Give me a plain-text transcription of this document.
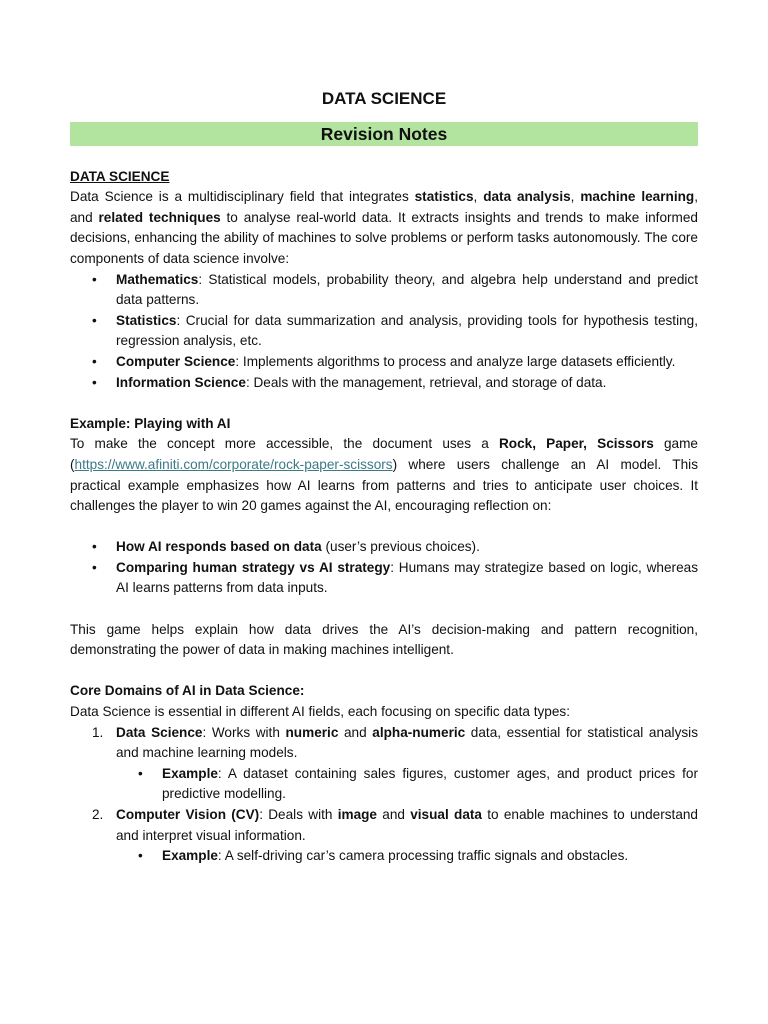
DATA SCIENCE
Revision Notes
DATA SCIENCE

Data Science is a multidisciplinary field that integrates statistics, data analysis, machine learning, and related techniques to analyse real-world data. It extracts insights and trends to make informed decisions, enhancing the ability of machines to solve problems or perform tasks autonomously. The core components of data science involve:

• Mathematics: Statistical models, probability theory, and algebra help understand and predict data patterns.
• Statistics: Crucial for data summarization and analysis, providing tools for hypothesis testing, regression analysis, etc.
• Computer Science: Implements algorithms to process and analyze large datasets efficiently.
• Information Science: Deals with the management, retrieval, and storage of data.
Example: Playing with AI

To make the concept more accessible, the document uses a Rock, Paper, Scissors game (https://www.afiniti.com/corporate/rock-paper-scissors) where users challenge an AI model. This practical example emphasizes how AI learns from patterns and tries to anticipate user choices. It challenges the player to win 20 games against the AI, encouraging reflection on:

• How AI responds based on data (user’s previous choices).
• Comparing human strategy vs AI strategy: Humans may strategize based on logic, whereas AI learns patterns from data inputs.

This game helps explain how data drives the AI’s decision-making and pattern recognition, demonstrating the power of data in making machines intelligent.

Core Domains of AI in Data Science:

Data Science is essential in different AI fields, each focusing on specific data types:

1. Data Science: Works with numeric and alpha-numeric data, essential for statistical analysis and machine learning models.
• Example: A dataset containing sales figures, customer ages, and product prices for predictive modelling.
2. Computer Vision (CV): Deals with image and visual data to enable machines to understand and interpret visual information.
• Example: A self-driving car’s camera processing traffic signals and obstacles.
